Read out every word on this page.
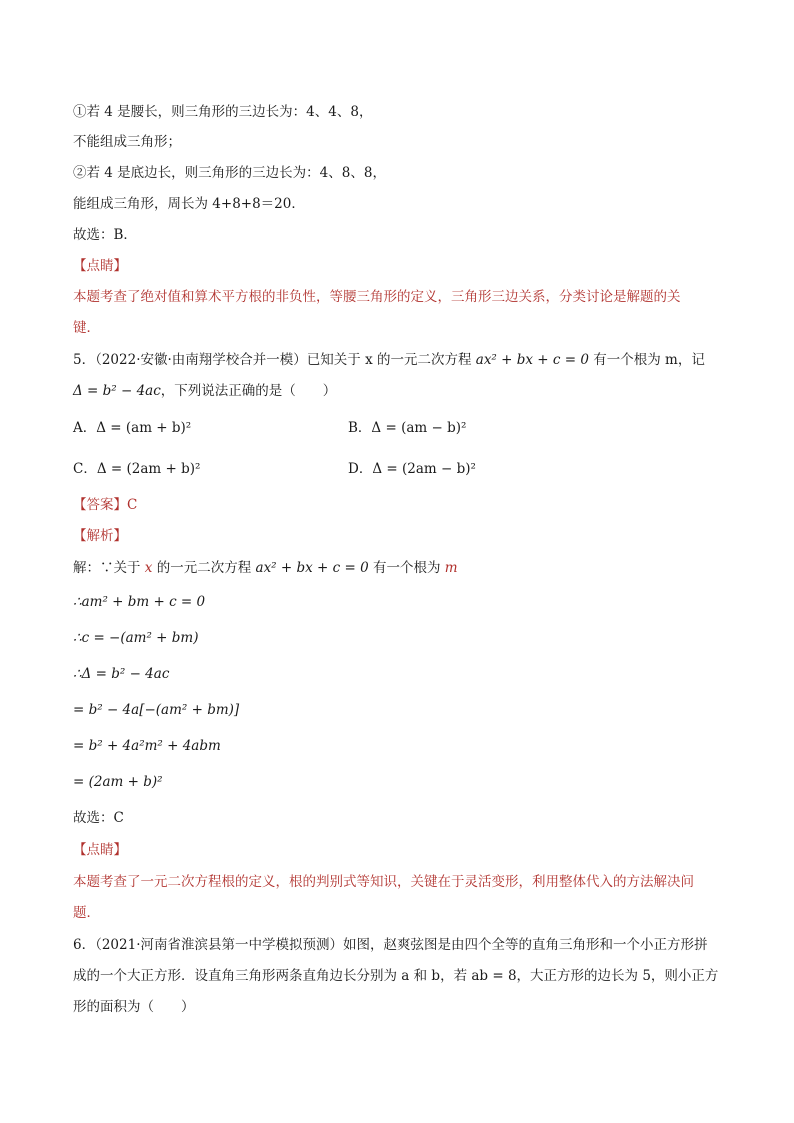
①若 4 是腰长，则三角形的三边长为：4、4、8，
不能组成三角形；
②若 4 是底边长，则三角形的三边长为：4、8、8，
能组成三角形，周长为 4+8+8＝20．
故选：B．
【点睛】
本题考查了绝对值和算术平方根的非负性，等腰三角形的定义，三角形三边关系，分类讨论是解题的关
键．
5．（2022·安徽·由南翔学校合并一模）已知关于 x 的一元二次方程 ax² + bx + c = 0 有一个根为 m，记
Δ = b² − 4ac，下列说法正确的是（　　）
A．Δ = (am + b)²	B．Δ = (am − b)²
C．Δ = (2am + b)²	D．Δ = (2am − b)²
【答案】C
【解析】
解：∵关于 x 的一元二次方程 ax² + bx + c = 0 有一个根为 m
∴am² + bm + c = 0
∴c = −(am² + bm)
∴Δ = b² − 4ac
= b² − 4a[−(am² + bm)]
= b² + 4a²m² + 4abm
= (2am + b)²
故选：C
【点睛】
本题考查了一元二次方程根的定义，根的判别式等知识，关键在于灵活变形，利用整体代入的方法解决问
题．
6．（2021·河南省淮滨县第一中学模拟预测）如图，赵爽弦图是由四个全等的直角三角形和一个小正方形拼
成的一个大正方形．设直角三角形两条直角边长分别为 a 和 b，若 ab = 8，大正方形的边长为 5，则小正方
形的面积为（　　）
